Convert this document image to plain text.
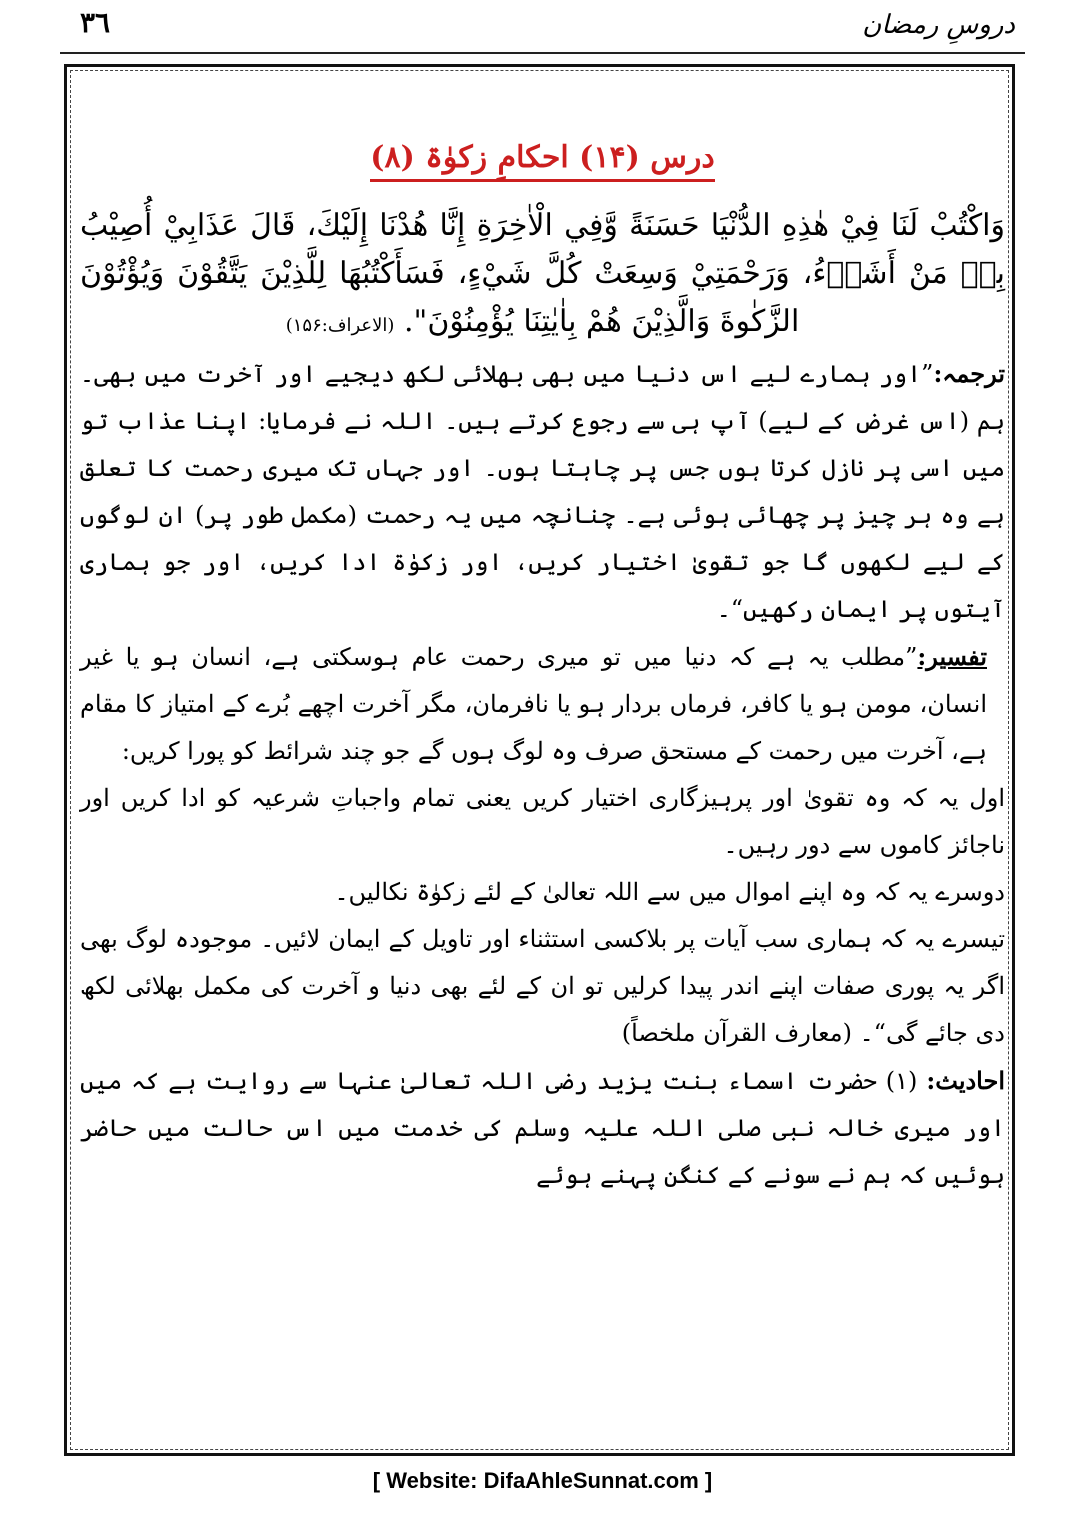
٣٦	دروسِ رمضان
درس (۱۴) احکامِ زکوٰۃ (۸)

وَاكْتُبْ لَنَا فِيْ هٰذِهِ الدُّنْيَا حَسَنَةً وَّفِي الْاٰخِرَةِ إِنَّا هُدْنَا إِلَيْكَ، قَالَ عَذَابِيْ أُصِيْبُ بِهٖ مَنْ أَشَاۤءُ، وَرَحْمَتِيْ وَسِعَتْ كُلَّ شَيْءٍ، فَسَأَكْتُبُهَا لِلَّذِيْنَ يَتَّقُوْنَ وَيُؤْتُوْنَ الزَّكٰوةَ وَالَّذِيْنَ هُمْ بِاٰيٰتِنَا يُؤْمِنُوْنَ". (الاعراف:۱۵۶)

ترجمہ:”اور ہمارے لیے اس دنیا میں بھی بھلائی لکھ دیجیے اور آخرت میں بھی۔ ہم (اس غرض کے لیے) آپ ہی سے رجوع کرتے ہیں۔ اللہ نے فرمایا: اپنا عذاب تو میں اسی پر نازل کرتا ہوں جس پر چاہتا ہوں۔ اور جہاں تک میری رحمت کا تعلق ہے وہ ہر چیز پر چھائی ہوئی ہے۔ چنانچہ میں یہ رحمت (مکمل طور پر) ان لوگوں کے لیے لکھوں گا جو تقویٰ اختیار کریں، اور زکوٰۃ ادا کریں، اور جو ہماری آیتوں پر ایمان رکھیں“۔

تفسیر:”مطلب یہ ہے کہ دنیا میں تو میری رحمت عام ہوسکتی ہے، انسان ہو یا غیر انسان، مومن ہو یا کافر، فرماں بردار ہو یا نافرمان، مگر آخرت اچھے بُرے کے امتیاز کا مقام ہے، آخرت میں رحمت کے مستحق صرف وہ لوگ ہوں گے جو چند شرائط کو پورا کریں:

اول یہ کہ وہ تقویٰ اور پرہیزگاری اختیار کریں یعنی تمام واجباتِ شرعیہ کو ادا کریں اور ناجائز کاموں سے دور رہیں۔

دوسرے یہ کہ وہ اپنے اموال میں سے اللہ تعالیٰ کے لئے زکوٰۃ نکالیں۔

تیسرے یہ کہ ہماری سب آیات پر بلاکسی استثناء اور تاویل کے ایمان لائیں۔ موجودہ لوگ بھی اگر یہ پوری صفات اپنے اندر پیدا کرلیں تو ان کے لئے بھی دنیا و آخرت کی مکمل بھلائی لکھ دی جائے گی“۔ (معارف القرآن ملخصاً)

احادیث: (۱) حضرت اسماء بنت یزید رضی اللہ تعالیٰ عنہا سے روایت ہے کہ میں اور میری خالہ نبی صلی اللہ علیہ وسلم کی خدمت میں اس حالت میں حاضر ہوئیں کہ ہم نے سونے کے کنگن پہنے ہوئے

[ Website: DifaAhleSunnat.com ]
